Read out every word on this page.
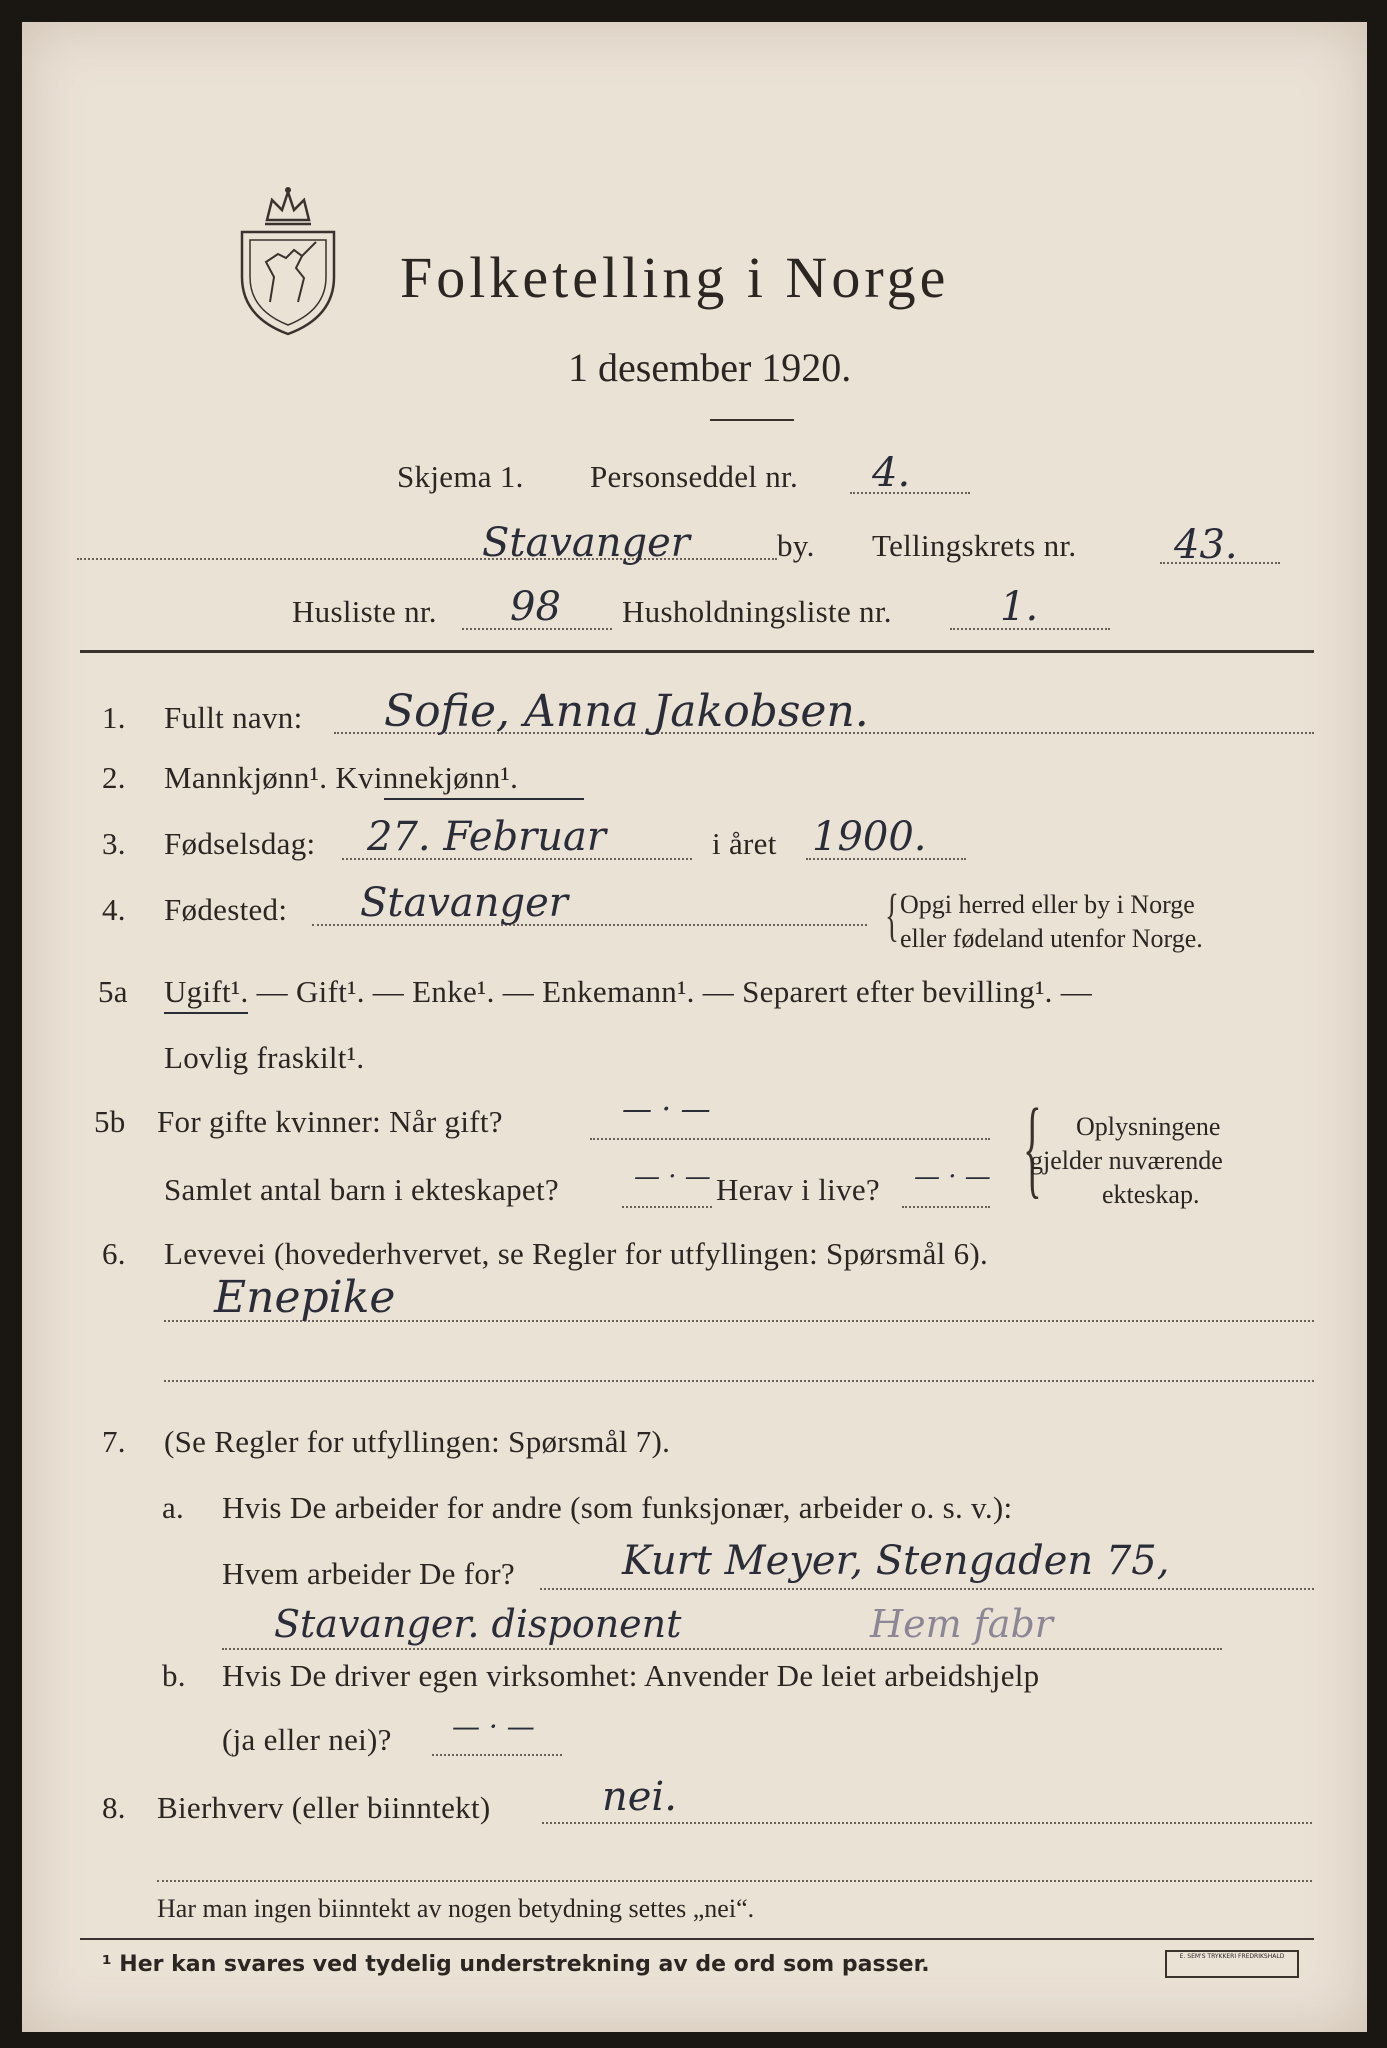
Folketelling i Norge
1 desember 1920.
Skjema 1. Personseddel nr. 4.
Stavanger	by. Tellingskrets nr. 43.
Husliste nr. 98 Husholdningsliste nr.	1.
1. Fullt navn: Sofie, Anna Jakobsen.
2. Mannkjønn¹. Kvinnekjønn¹.
3. Fødselsdag: 27. Februar	i året 1900.
4. Fødested: Stavanger	{ Opgi herred eller by i Norge
eller fødeland utenfor Norge.
5a Ugift¹. — Gift¹. — Enke¹. — Enkemann¹. — Separert efter bevilling¹. —
Lovlig fraskilt¹.
5b For gifte kvinner: Når gift?	— · —
Samlet antal barn i ekteskapet?	— · — Herav i live? — · — { Oplysningene
gjelder nuværende
ekteskap.
6. Levevei (hovederhvervet, se Regler for utfyllingen: Spørsmål 6).
Enepike
7. (Se Regler for utfyllingen: Spørsmål 7).
a. Hvis De arbeider for andre (som funksjonær, arbeider o. s. v.):
Hvem arbeider De for?	Kurt Meyer, Stengaden 75,
Stavanger. disponent	Hem fabr
b. Hvis De driver egen virksomhet: Anvender De leiet arbeidshjelp
(ja eller nei)? — · —
8. Bierhverv (eller biinntekt)	nei.
Har man ingen biinntekt av nogen betydning settes „nei“.
¹ Her kan svares ved tydelig understrekning av de ord som passer.	E. SEM'S TRYKKERI FREDRIKSHALD
